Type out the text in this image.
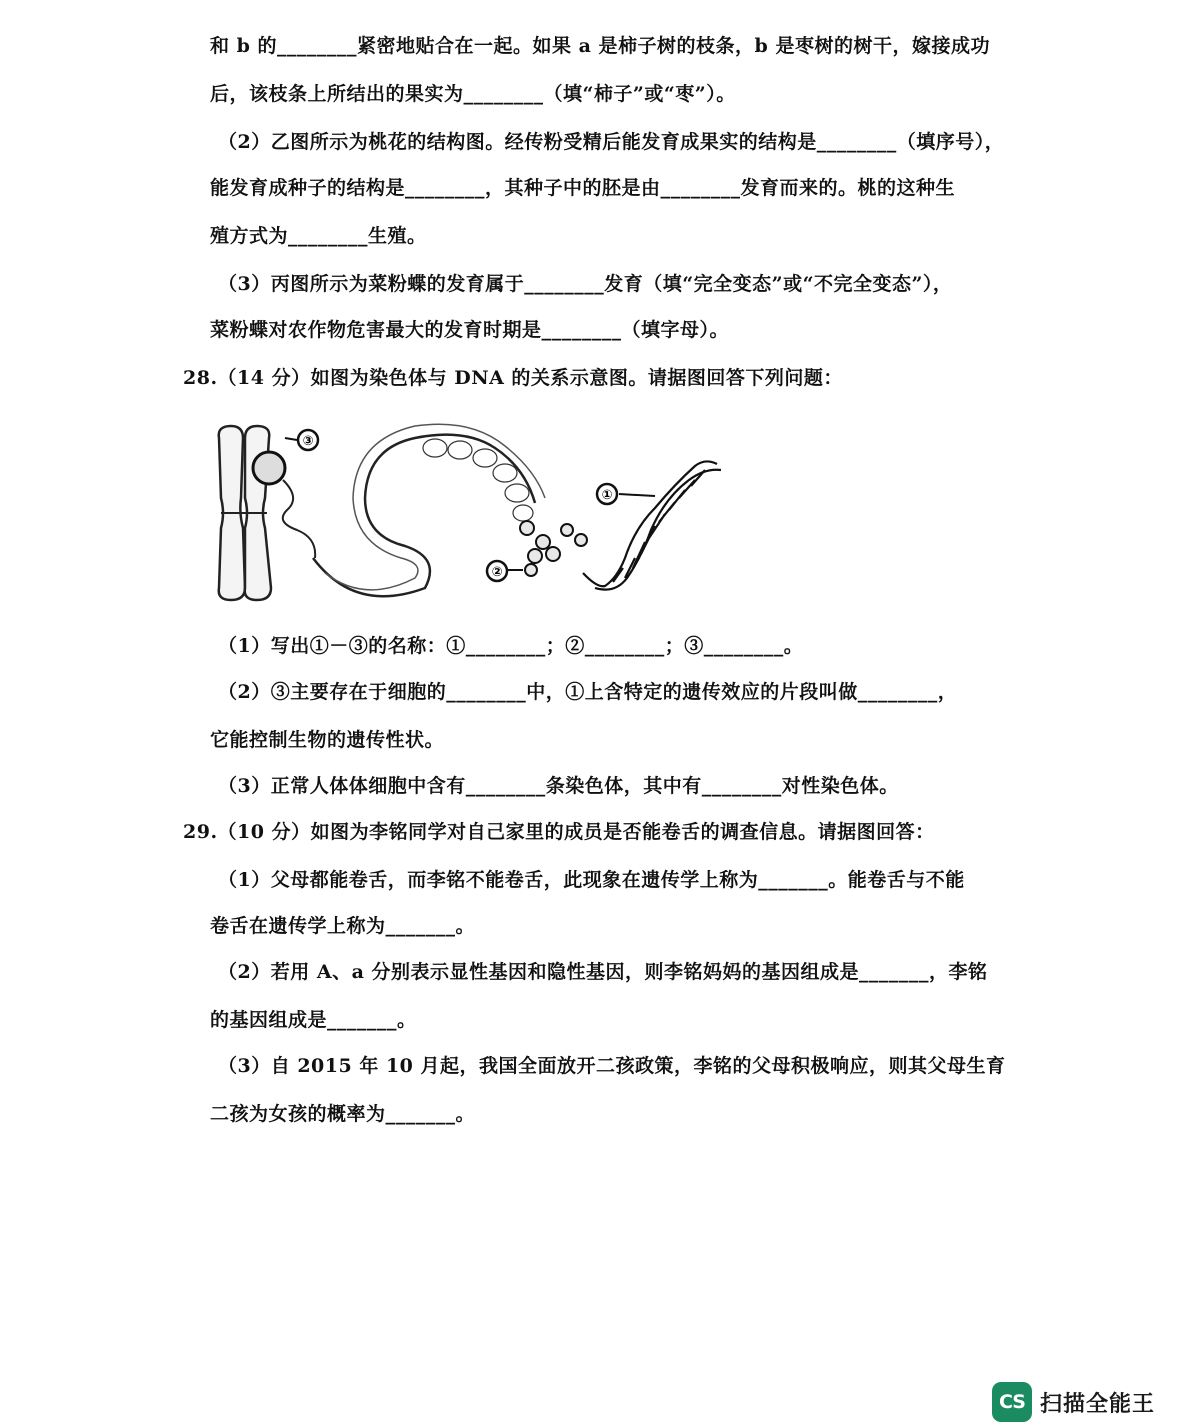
和 b 的________紧密地贴合在一起。如果 a 是柿子树的枝条，b 是枣树的树干，嫁接成功
后，该枝条上所结出的果实为________（填“柿子”或“枣”）。
（2）乙图所示为桃花的结构图。经传粉受精后能发育成果实的结构是________（填序号），
能发育成种子的结构是________，其种子中的胚是由________发育而来的。桃的这种生
殖方式为________生殖。
（3）丙图所示为菜粉蝶的发育属于________发育（填“完全变态”或“不完全变态”），
菜粉蝶对农作物危害最大的发育时期是________（填字母）。
28.（14 分）如图为染色体与 DNA 的关系示意图。请据图回答下列问题：
③
②
①
（1）写出①－③的名称：①________；②________；③________。
（2）③主要存在于细胞的________中，①上含特定的遗传效应的片段叫做________，
它能控制生物的遗传性状。
（3）正常人体体细胞中含有________条染色体，其中有________对性染色体。
29.（10 分）如图为李铭同学对自己家里的成员是否能卷舌的调查信息。请据图回答：
（1）父母都能卷舌，而李铭不能卷舌，此现象在遗传学上称为_______。能卷舌与不能
卷舌在遗传学上称为_______。
（2）若用 A、a 分别表示显性基因和隐性基因，则李铭妈妈的基因组成是_______，李铭
的基因组成是_______。
（3）自 2015 年 10 月起，我国全面放开二孩政策，李铭的父母积极响应，则其父母生育
二孩为女孩的概率为_______。
CS 扫描全能王
